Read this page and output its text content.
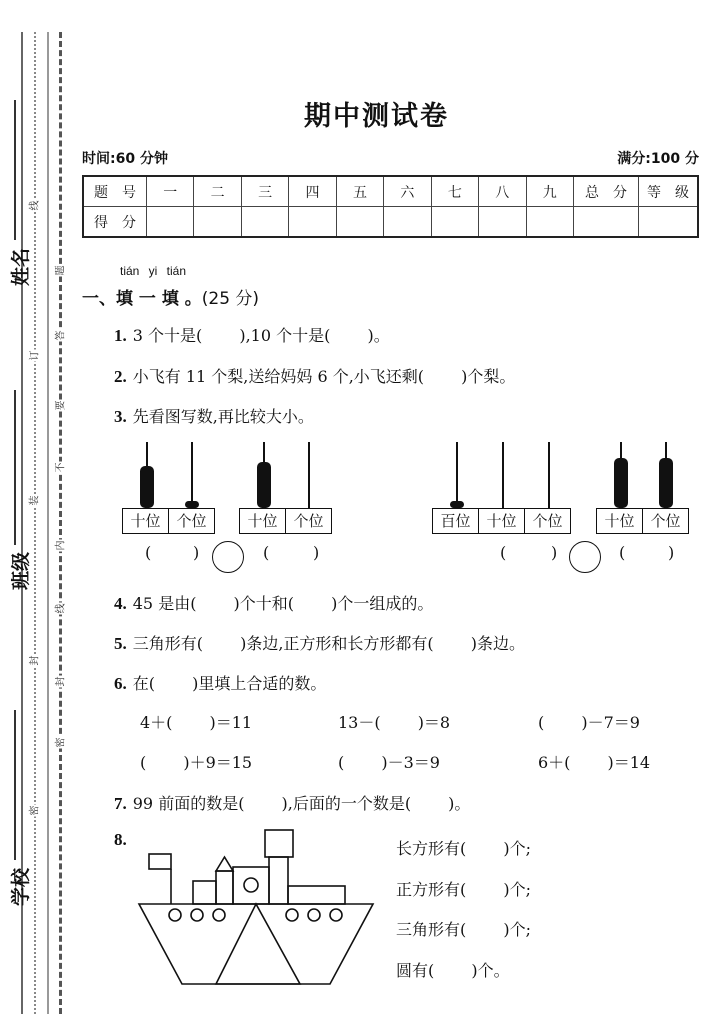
姓名
班级
学校
线
订
装
封
密
题
答
要
不
内
线
封
密
期中测试卷
时间:60 分钟	满分:100 分
题　号	一	二	三	四	五	六	七	八	九	总　分	等　级
得　分											
tián yi tián
一、填 一 填 。(25 分)
1. 3 个十是(　　 ),10 个十是(　　 )。
2. 小飞有 11 个梨,送给妈妈 6 个,小飞还剩(　　 )个梨。
3. 先看图写数,再比较大小。
十位	个位	十位	个位	百位	十位	个位	十位	个位
(	)	(	)	(	)	(	)
4. 45 是由(　　 )个十和(　　 )个一组成的。
5. 三角形有(　　 )条边,正方形和长方形都有(　　 )条边。
6. 在(　　 )里填上合适的数。
4＋(　　 )＝11	13－(　　 )＝8	(　　 )－7＝9
(　　 )＋9＝15	(　　 )－3＝9	6＋(　　 )＝14
7. 99 前面的数是(　　 ),后面的一个数是(　　 )。
8.	长方形有(　　 )个;
正方形有(　　 )个;
三角形有(　　 )个;
圆有(　　 )个。
